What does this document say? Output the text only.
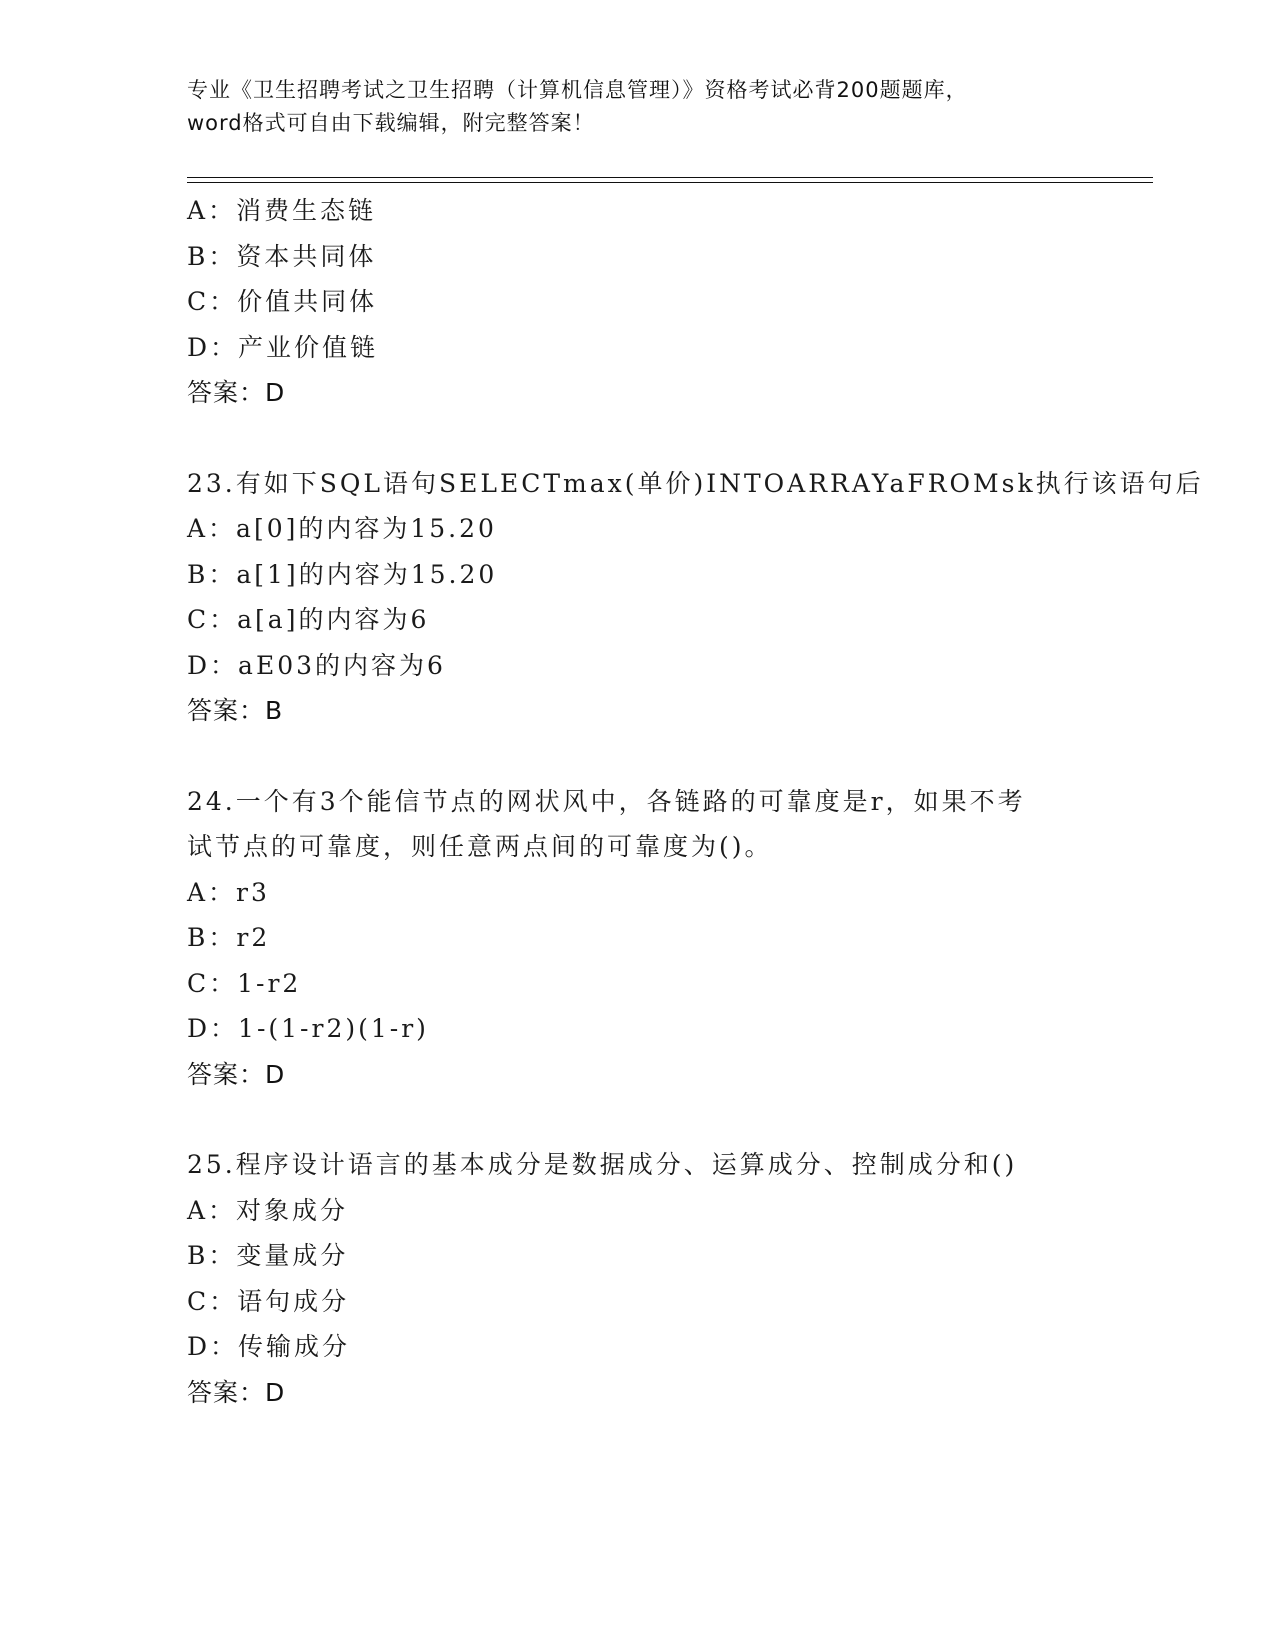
专业《卫生招聘考试之卫生招聘（计算机信息管理）》资格考试必背200题题库，
word格式可自由下载编辑，附完整答案！
A：消费生态链
B：资本共同体
C：价值共同体
D：产业价值链
答案：D
23.有如下SQL语句SELECTmax(单价)INTOARRAYaFROMsk执行该语句后
A：a[0]的内容为15.20
B：a[1]的内容为15.20
C：a[a]的内容为6
D：aE03的内容为6
答案：B
24.一个有3个能信节点的网状风中，各链路的可靠度是r，如果不考
试节点的可靠度，则任意两点间的可靠度为()。
A：r3
B：r2
C：1-r2
D：1-(1-r2)(1-r)
答案：D
25.程序设计语言的基本成分是数据成分、运算成分、控制成分和()
A：对象成分
B：变量成分
C：语句成分
D：传输成分
答案：D
